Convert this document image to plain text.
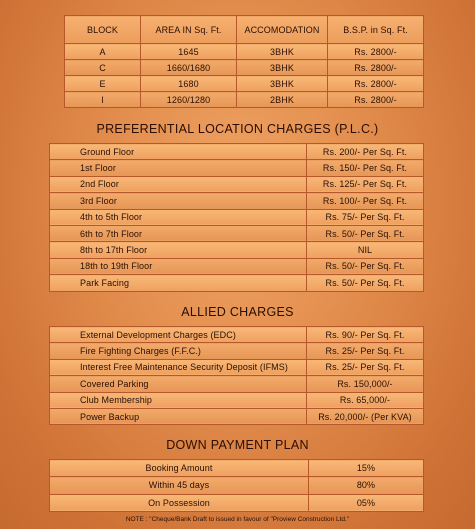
BLOCK	AREA IN Sq. Ft.	ACCOMODATION	B.S.P. in Sq. Ft.
A	1645	3BHK	Rs. 2800/-
C	1660/1680	3BHK	Rs. 2800/-
E	1680	3BHK	Rs. 2800/-
I	1260/1280	2BHK	Rs. 2800/-
PREFERENTIAL LOCATION CHARGES (P.L.C.)
Ground Floor	Rs. 200/- Per Sq. Ft.
1st Floor	Rs. 150/- Per Sq. Ft.
2nd Floor	Rs. 125/- Per Sq. Ft.
3rd Floor	Rs. 100/- Per Sq. Ft.
4th to 5th Floor	Rs. 75/- Per Sq. Ft.
6th to 7th Floor	Rs. 50/- Per Sq. Ft.
8th to 17th Floor	NIL
18th to 19th Floor	Rs. 50/- Per Sq. Ft.
Park Facing	Rs. 50/- Per Sq. Ft.
ALLIED CHARGES
External Development Charges (EDC)	Rs. 90/- Per Sq. Ft.
Fire Fighting Charges (F.F.C.)	Rs. 25/- Per Sq. Ft.
Interest Free Maintenance Security Deposit (IFMS)	Rs. 25/- Per Sq. Ft.
Covered Parking	Rs. 150,000/-
Club Membership	Rs. 65,000/-
Power Backup	Rs. 20,000/- (Per KVA)
DOWN PAYMENT PLAN
Booking Amount	15%
Within 45 days	80%
On Possession	05%
NOTE : "Cheque/Bank Draft to issued in favour of "Proview Construction Ltd."
